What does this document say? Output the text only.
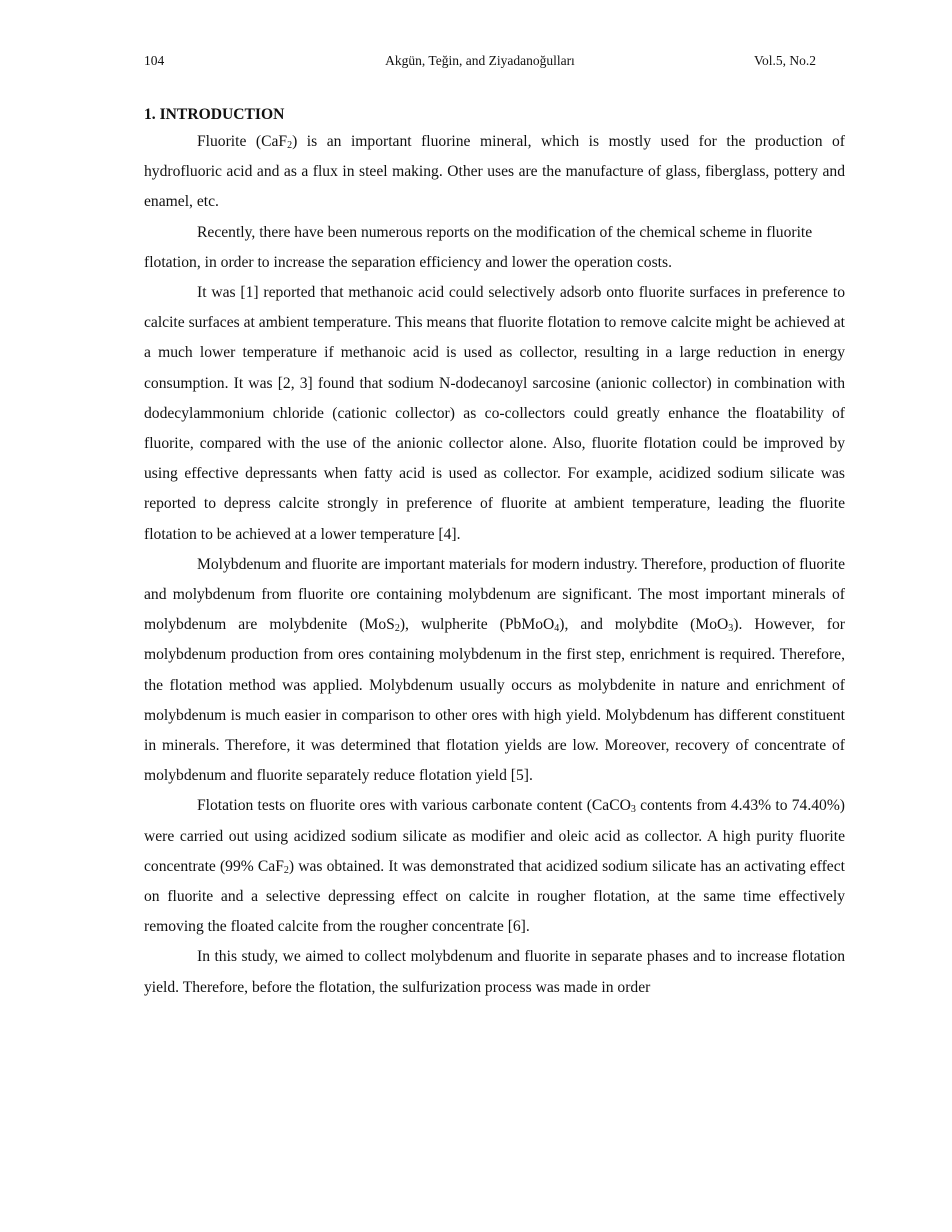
104	Akgün, Teğin, and Ziyadanoğulları	Vol.5, No.2
1. INTRODUCTION

Fluorite (CaF$_2$) is an important fluorine mineral, which is mostly used for the production of hydrofluoric acid and as a flux in steel making. Other uses are the manufacture of glass, fiberglass, pottery and enamel, etc.

Recently, there have been numerous reports on the modification of the chemical scheme in fluorite flotation, in order to increase the separation efficiency and lower the operation costs.

It was [1] reported that methanoic acid could selectively adsorb onto fluorite surfaces in preference to calcite surfaces at ambient temperature. This means that fluorite flotation to remove calcite might be achieved at a much lower temperature if methanoic acid is used as collector, resulting in a large reduction in energy consumption. It was [2, 3] found that sodium N-dodecanoyl sarcosine (anionic collector) in combination with dodecylammonium chloride (cationic collector) as co-collectors could greatly enhance the floatability of fluorite, compared with the use of the anionic collector alone. Also, fluorite flotation could be improved by using effective depressants when fatty acid is used as collector. For example, acidized sodium silicate was reported to depress calcite strongly in preference of fluorite at ambient temperature, leading the fluorite flotation to be achieved at a lower temperature [4].

Molybdenum and fluorite are important materials for modern industry. Therefore, production of fluorite and molybdenum from fluorite ore containing molybdenum are significant. The most important minerals of molybdenum are molybdenite (MoS$_2$), wulpherite (PbMoO$_4$), and molybdite (MoO$_3$). However, for molybdenum production from ores containing molybdenum in the first step, enrichment is required. Therefore, the flotation method was applied. Molybdenum usually occurs as molybdenite in nature and enrichment of molybdenum is much easier in comparison to other ores with high yield. Molybdenum has different constituent in minerals. Therefore, it was determined that flotation yields are low. Moreover, recovery of concentrate of molybdenum and fluorite separately reduce flotation yield [5].

Flotation tests on fluorite ores with various carbonate content (CaCO$_3$ contents from 4.43% to 74.40%) were carried out using acidized sodium silicate as modifier and oleic acid as collector. A high purity fluorite concentrate (99% CaF$_2$) was obtained. It was demonstrated that acidized sodium silicate has an activating effect on fluorite and a selective depressing effect on calcite in rougher flotation, at the same time effectively removing the floated calcite from the rougher concentrate [6].

In this study, we aimed to collect molybdenum and fluorite in separate phases and to increase flotation yield. Therefore, before the flotation, the sulfurization process was made in order
